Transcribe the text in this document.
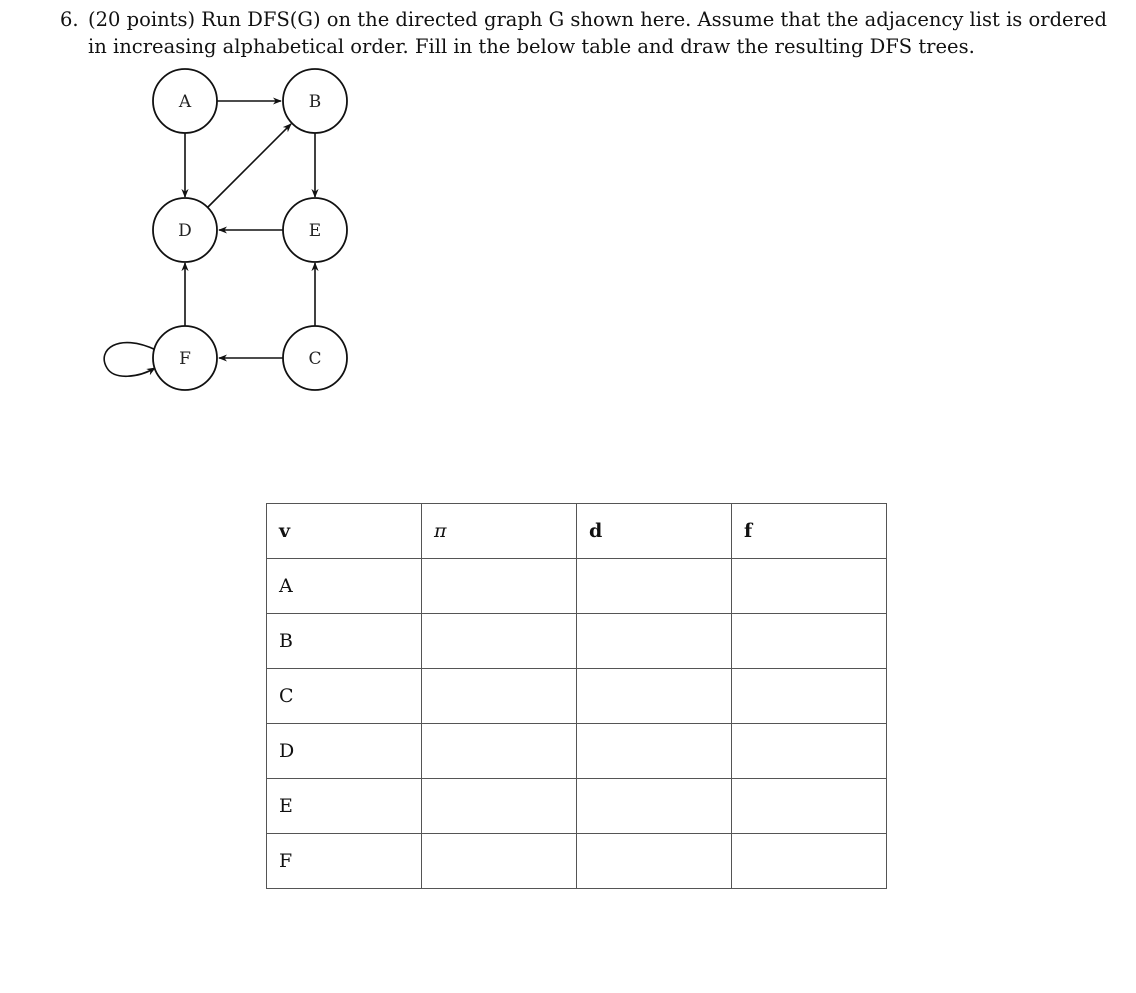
6. (20 points) Run DFS(G) on the directed graph G shown here. Assume that the adjacency list is ordered
in increasing alphabetical order. Fill in the below table and draw the resulting DFS trees.
A	B
D	E
F	C
v	π	d	f
A			
B			
C			
D			
E			
F			
